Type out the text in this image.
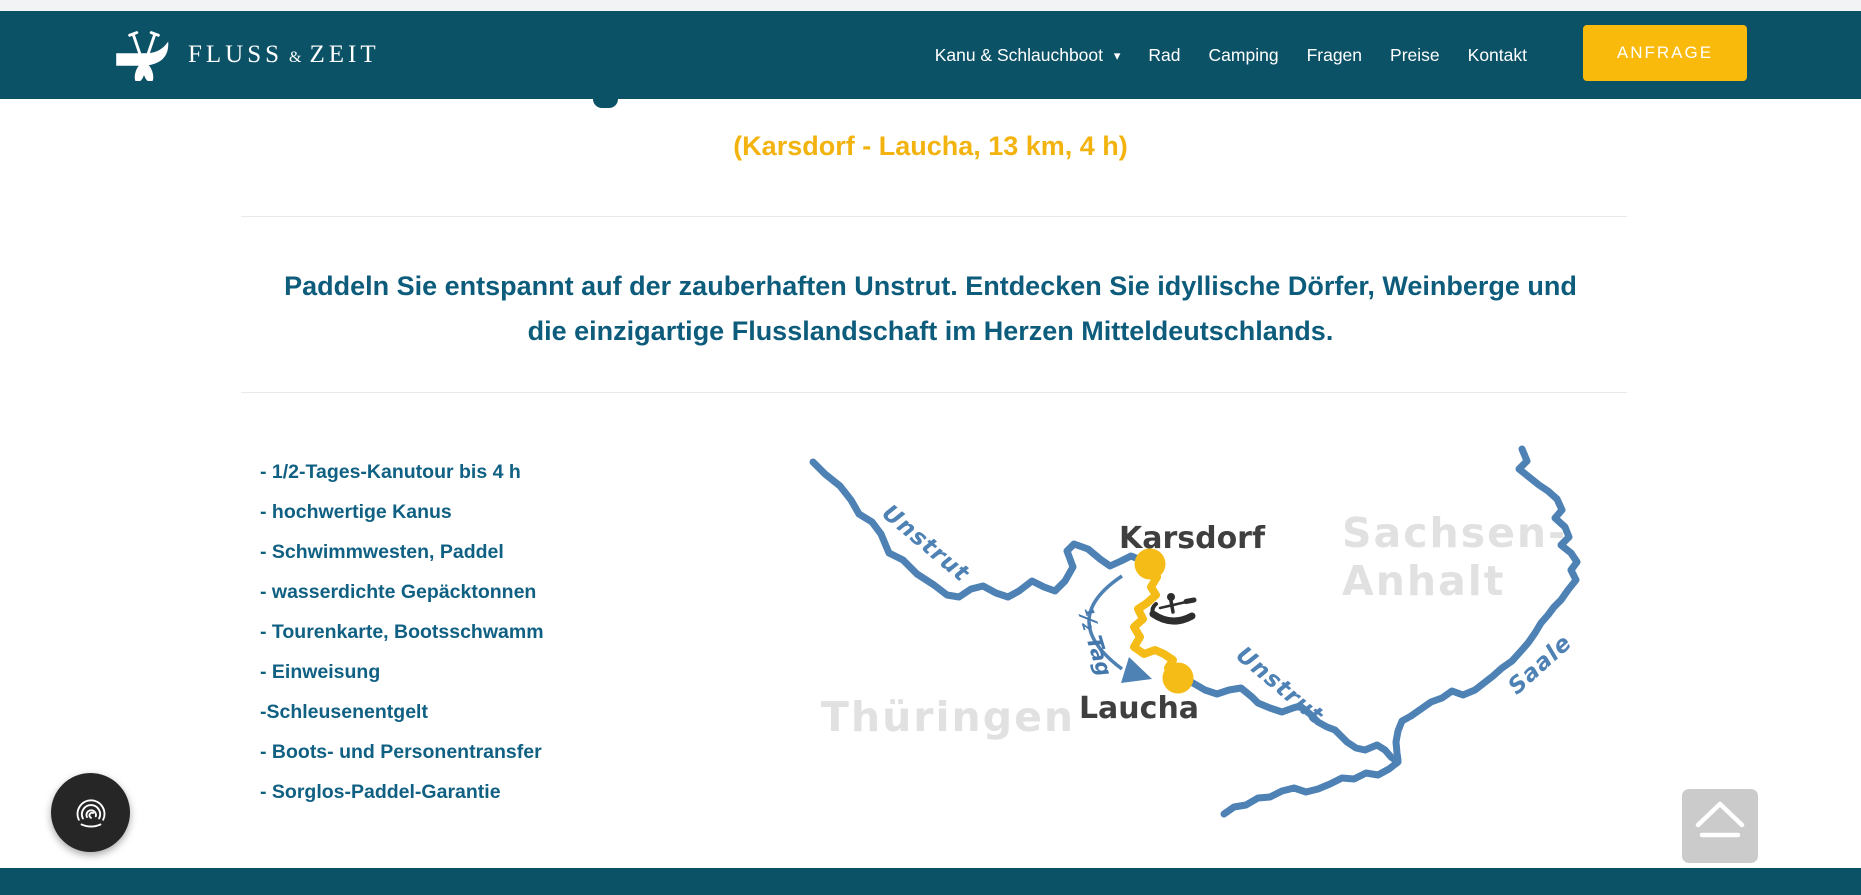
FLUSS & ZEIT	Kanu & Schlauchboot ▾ Rad Camping Fragen Preise Kontakt	ANFRAGE
(Karsdorf - Laucha, 13 km, 4 h)
Paddeln Sie entspannt auf der zauberhaften Unstrut. Entdecken Sie idyllische Dörfer, Weinberge und
die einzigartige Flusslandschaft im Herzen Mitteldeutschlands.
- 1/2-Tages-Kanutour bis 4 h
- hochwertige Kanus
- Schwimmwesten, Paddel
- wasserdichte Gepäcktonnen
- Tourenkarte, Bootsschwamm
- Einweisung
-Schleusenentgelt
- Boots- und Personentransfer
- Sorglos-Paddel-Garantie
Thüringen
Sachsen-
Anhalt
Unstrut
Unstrut	Saale
½ Tag
Karsdorf
Laucha
